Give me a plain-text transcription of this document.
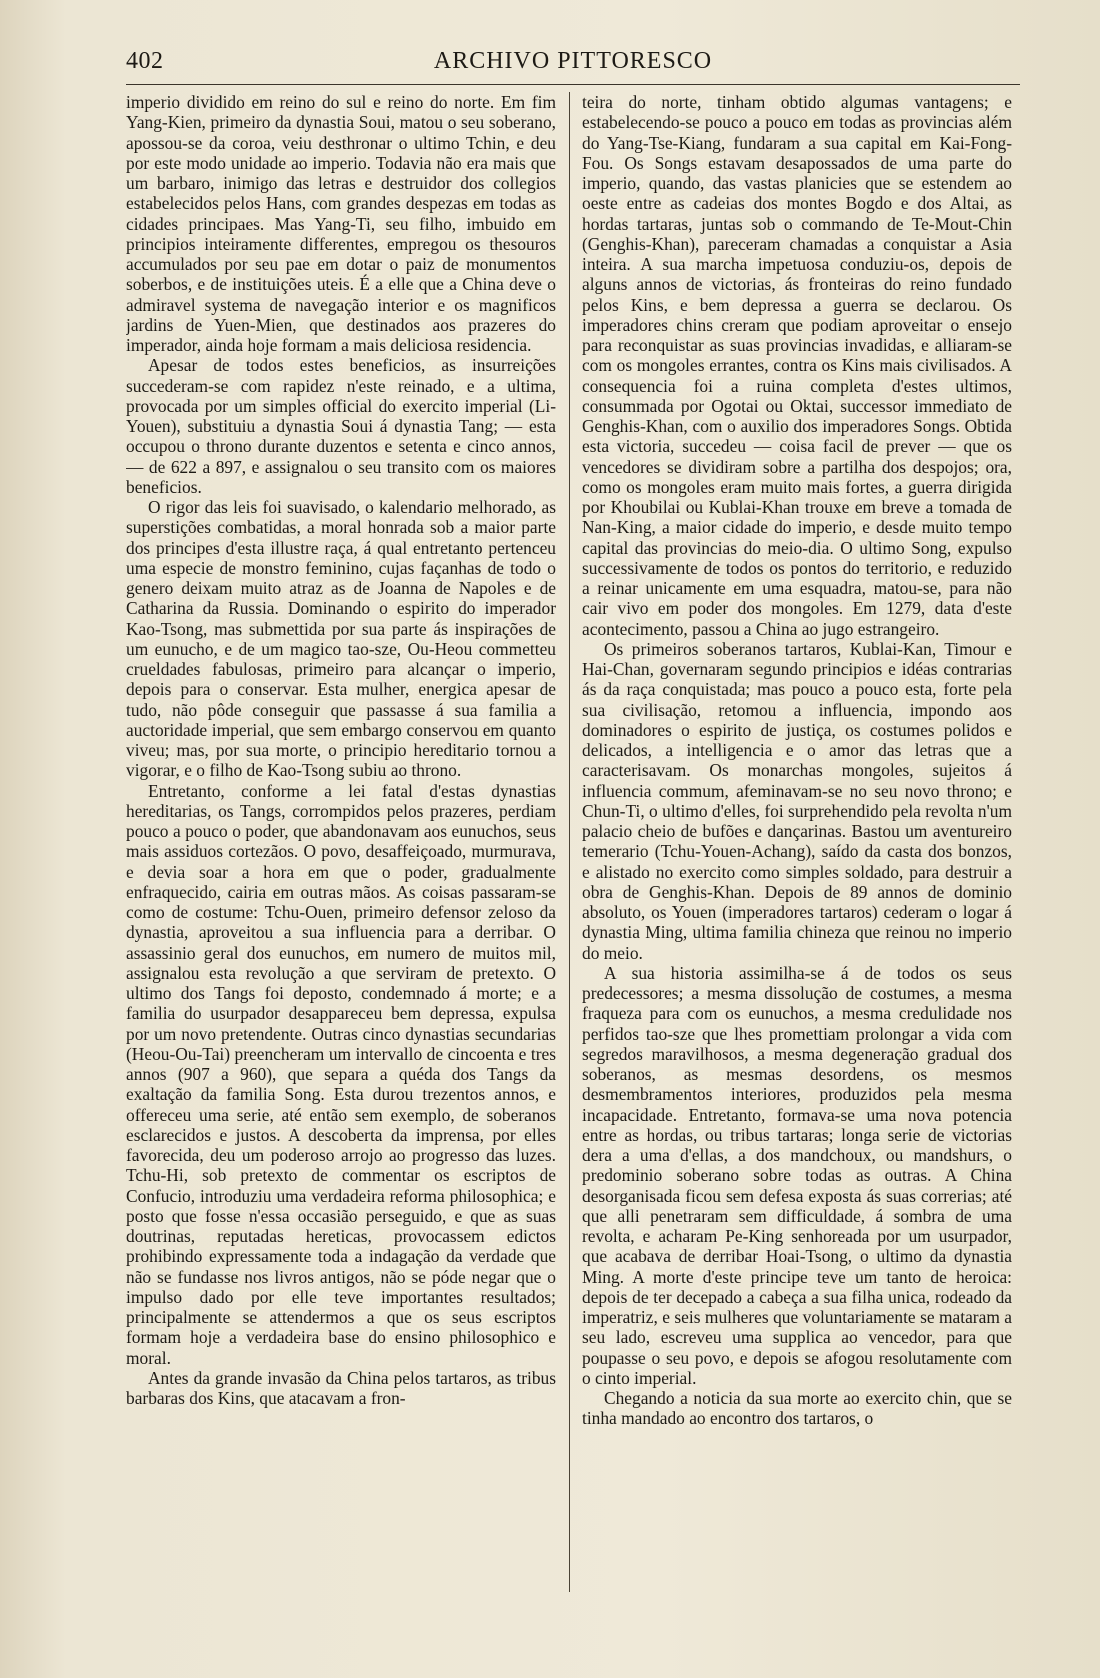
402	ARCHIVO PITTORESCO

imperio dividido em reino do sul e reino do norte. Em fim Yang-Kien, primeiro da dynastia Soui, matou o seu soberano, apossou-se da coroa, veiu desthronar o ultimo Tchin, e deu por este modo unidade ao imperio. Todavia não era mais que um barbaro, inimigo das letras e destruidor dos collegios estabelecidos pelos Hans, com grandes despezas em todas as cidades principaes. Mas Yang-Ti, seu filho, imbuido em principios inteiramente differentes, empregou os thesouros accumulados por seu pae em dotar o paiz de monumentos soberbos, e de instituições uteis. É a elle que a China deve o admiravel systema de navegação interior e os magnificos jardins de Yuen-Mien, que destinados aos prazeres do imperador, ainda hoje formam a mais deliciosa residencia.

Apesar de todos estes beneficios, as insurreições succederam-se com rapidez n'este reinado, e a ultima, provocada por um simples official do exercito imperial (Li-Youen), substituiu a dynastia Soui á dynastia Tang; — esta occupou o throno durante duzentos e setenta e cinco annos, — de 622 a 897, e assignalou o seu transito com os maiores beneficios.

O rigor das leis foi suavisado, o kalendario melhorado, as superstições combatidas, a moral honrada sob a maior parte dos principes d'esta illustre raça, á qual entretanto pertenceu uma especie de monstro feminino, cujas façanhas de todo o genero deixam muito atraz as de Joanna de Napoles e de Catharina da Russia. Dominando o espirito do imperador Kao-Tsong, mas submettida por sua parte ás inspirações de um eunucho, e de um magico tao-sze, Ou-Heou commetteu crueldades fabulosas, primeiro para alcançar o imperio, depois para o conservar. Esta mulher, energica apesar de tudo, não pôde conseguir que passasse á sua familia a auctoridade imperial, que sem embargo conservou em quanto viveu; mas, por sua morte, o principio hereditario tornou a vigorar, e o filho de Kao-Tsong subiu ao throno.

Entretanto, conforme a lei fatal d'estas dynastias hereditarias, os Tangs, corrompidos pelos prazeres, perdiam pouco a pouco o poder, que abandonavam aos eunuchos, seus mais assiduos cortezãos. O povo, desaffeiçoado, murmurava, e devia soar a hora em que o poder, gradualmente enfraquecido, cairia em outras mãos. As coisas passaram-se como de costume: Tchu-Ouen, primeiro defensor zeloso da dynastia, aproveitou a sua influencia para a derribar. O assassinio geral dos eunuchos, em numero de muitos mil, assignalou esta revolução a que serviram de pretexto. O ultimo dos Tangs foi deposto, condemnado á morte; e a familia do usurpador desappareceu bem depressa, expulsa por um novo pretendente. Outras cinco dynastias secundarias (Heou-Ou-Tai) preencheram um intervallo de cincoenta e tres annos (907 a 960), que separa a quéda dos Tangs da exaltação da familia Song. Esta durou trezentos annos, e offereceu uma serie, até então sem exemplo, de soberanos esclarecidos e justos. A descoberta da imprensa, por elles favorecida, deu um poderoso arrojo ao progresso das luzes. Tchu-Hi, sob pretexto de commentar os escriptos de Confucio, introduziu uma verdadeira reforma philosophica; e posto que fosse n'essa occasião perseguido, e que as suas doutrinas, reputadas hereticas, provocassem edictos prohibindo expressamente toda a indagação da verdade que não se fundasse nos livros antigos, não se póde negar que o impulso dado por elle teve importantes resultados; principalmente se attendermos a que os seus escriptos formam hoje a verdadeira base do ensino philosophico e moral.

Antes da grande invasão da China pelos tartaros, as tribus barbaras dos Kins, que atacavam a fron-

teira do norte, tinham obtido algumas vantagens; e estabelecendo-se pouco a pouco em todas as provincias além do Yang-Tse-Kiang, fundaram a sua capital em Kai-Fong-Fou. Os Songs estavam desapossados de uma parte do imperio, quando, das vastas planicies que se estendem ao oeste entre as cadeias dos montes Bogdo e dos Altai, as hordas tartaras, juntas sob o commando de Te-Mout-Chin (Genghis-Khan), pareceram chamadas a conquistar a Asia inteira. A sua marcha impetuosa conduziu-os, depois de alguns annos de victorias, ás fronteiras do reino fundado pelos Kins, e bem depressa a guerra se declarou. Os imperadores chins creram que podiam aproveitar o ensejo para reconquistar as suas provincias invadidas, e alliaram-se com os mongoles errantes, contra os Kins mais civilisados. A consequencia foi a ruina completa d'estes ultimos, consummada por Ogotai ou Oktai, successor immediato de Genghis-Khan, com o auxilio dos imperadores Songs. Obtida esta victoria, succedeu — coisa facil de prever — que os vencedores se dividiram sobre a partilha dos despojos; ora, como os mongoles eram muito mais fortes, a guerra dirigida por Khoubilai ou Kublai-Khan trouxe em breve a tomada de Nan-King, a maior cidade do imperio, e desde muito tempo capital das provincias do meio-dia. O ultimo Song, expulso successivamente de todos os pontos do territorio, e reduzido a reinar unicamente em uma esquadra, matou-se, para não cair vivo em poder dos mongoles. Em 1279, data d'este acontecimento, passou a China ao jugo estrangeiro.

Os primeiros soberanos tartaros, Kublai-Kan, Timour e Hai-Chan, governaram segundo principios e idéas contrarias ás da raça conquistada; mas pouco a pouco esta, forte pela sua civilisação, retomou a influencia, impondo aos dominadores o espirito de justiça, os costumes polidos e delicados, a intelligencia e o amor das letras que a caracterisavam. Os monarchas mongoles, sujeitos á influencia commum, afeminavam-se no seu novo throno; e Chun-Ti, o ultimo d'elles, foi surprehendido pela revolta n'um palacio cheio de bufões e dançarinas. Bastou um aventureiro temerario (Tchu-Youen-Achang), saído da casta dos bonzos, e alistado no exercito como simples soldado, para destruir a obra de Genghis-Khan. Depois de 89 annos de dominio absoluto, os Youen (imperadores tartaros) cederam o logar á dynastia Ming, ultima familia chineza que reinou no imperio do meio.

A sua historia assimilha-se á de todos os seus predecessores; a mesma dissolução de costumes, a mesma fraqueza para com os eunuchos, a mesma credulidade nos perfidos tao-sze que lhes promettiam prolongar a vida com segredos maravilhosos, a mesma degeneração gradual dos soberanos, as mesmas desordens, os mesmos desmembramentos interiores, produzidos pela mesma incapacidade. Entretanto, formava-se uma nova potencia entre as hordas, ou tribus tartaras; longa serie de victorias dera a uma d'ellas, a dos mandchoux, ou mandshurs, o predominio soberano sobre todas as outras. A China desorganisada ficou sem defesa exposta ás suas correrias; até que alli penetraram sem difficuldade, á sombra de uma revolta, e acharam Pe-King senhoreada por um usurpador, que acabava de derribar Hoai-Tsong, o ultimo da dynastia Ming. A morte d'este principe teve um tanto de heroica: depois de ter decepado a cabeça a sua filha unica, rodeado da imperatriz, e seis mulheres que voluntariamente se mataram a seu lado, escreveu uma supplica ao vencedor, para que poupasse o seu povo, e depois se afogou resolutamente com o cinto imperial.

Chegando a noticia da sua morte ao exercito chin, que se tinha mandado ao encontro dos tartaros, o
